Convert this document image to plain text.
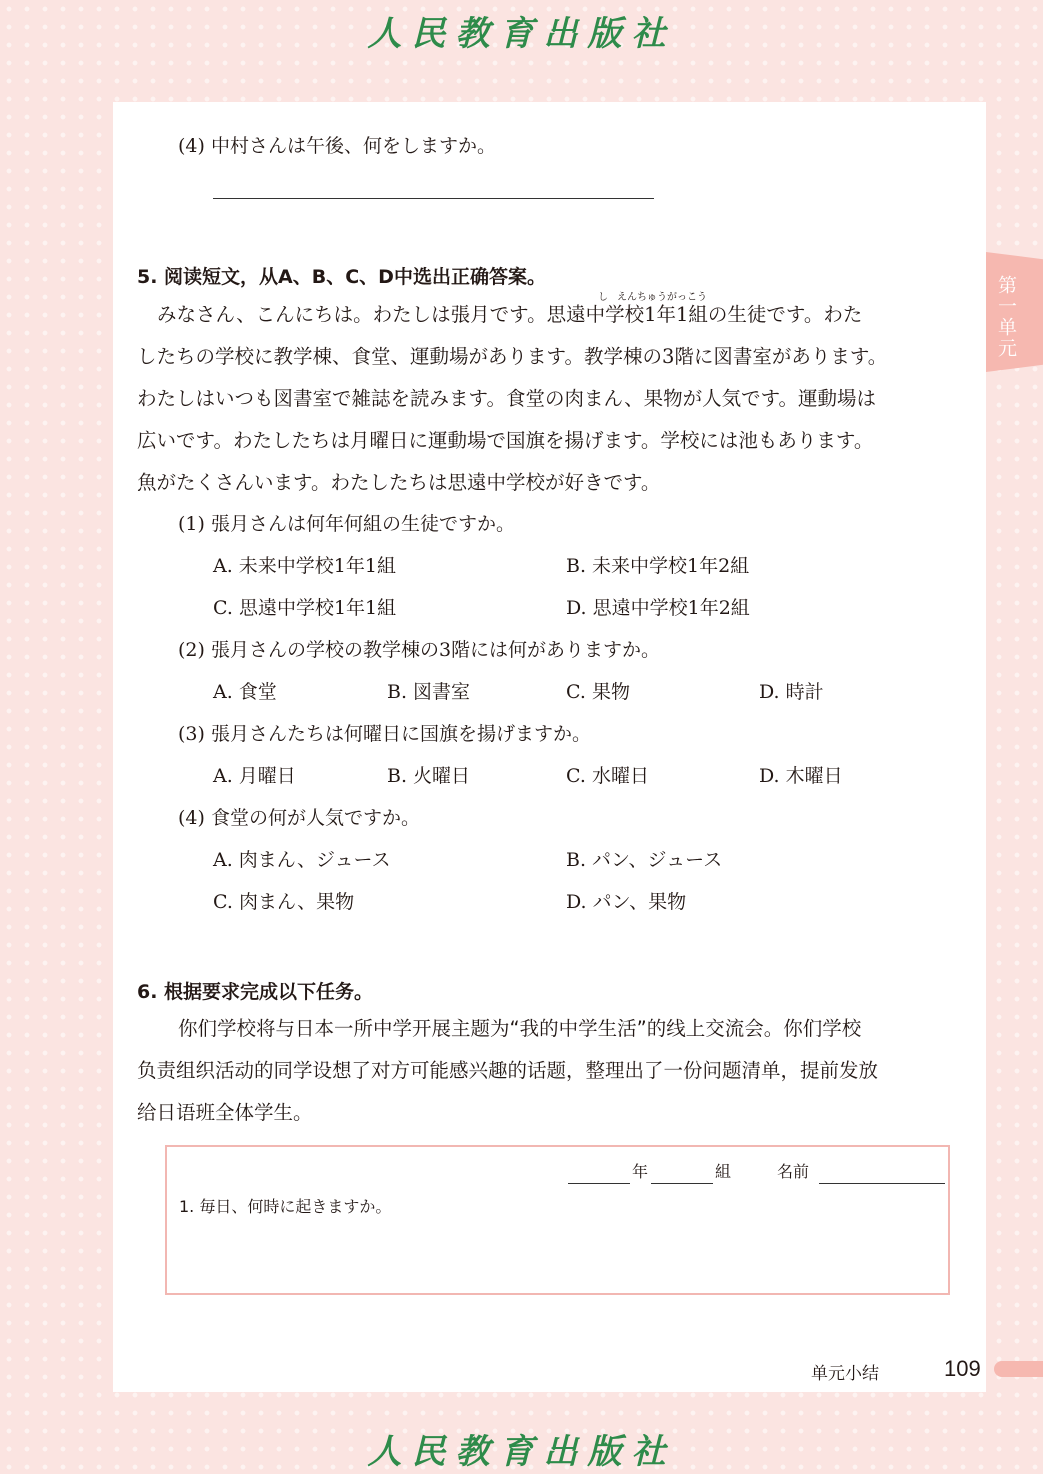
人民教育出版社
人民教育出版社
第一单元
(4) 中村さんは午後、何をしますか。
5. 阅读短文，从A、B、C、D中选出正确答案。
し えんちゅうがっこう
みなさん、こんにちは。わたしは張月です。思遠中学校1年1組の生徒です。わた
したちの学校に教学棟、食堂、運動場があります。教学棟の3階に図書室があります。
わたしはいつも図書室で雑誌を読みます。食堂の肉まん、果物が人気です。運動場は
広いです。わたしたちは月曜日に運動場で国旗を揚げます。学校には池もあります。
魚がたくさんいます。わたしたちは思遠中学校が好きです。
(1) 張月さんは何年何組の生徒ですか。
A. 未来中学校1年1組	B. 未来中学校1年2組
C. 思遠中学校1年1組	D. 思遠中学校1年2組
(2) 張月さんの学校の教学棟の3階には何がありますか。
A. 食堂	B. 図書室	C. 果物	D. 時計
(3) 張月さんたちは何曜日に国旗を揚げますか。
A. 月曜日	B. 火曜日	C. 水曜日	D. 木曜日
(4) 食堂の何が人気ですか。
A. 肉まん、ジュース	B. パン、ジュース
C. 肉まん、果物	D. パン、果物
6. 根据要求完成以下任务。
你们学校将与日本一所中学开展主题为“我的中学生活”的线上交流会。你们学校
负责组织活动的同学设想了对方可能感兴趣的话题，整理出了一份问题清单，提前发放
给日语班全体学生。
年	組	名前
1. 毎日、何時に起きますか。
单元小结	109
